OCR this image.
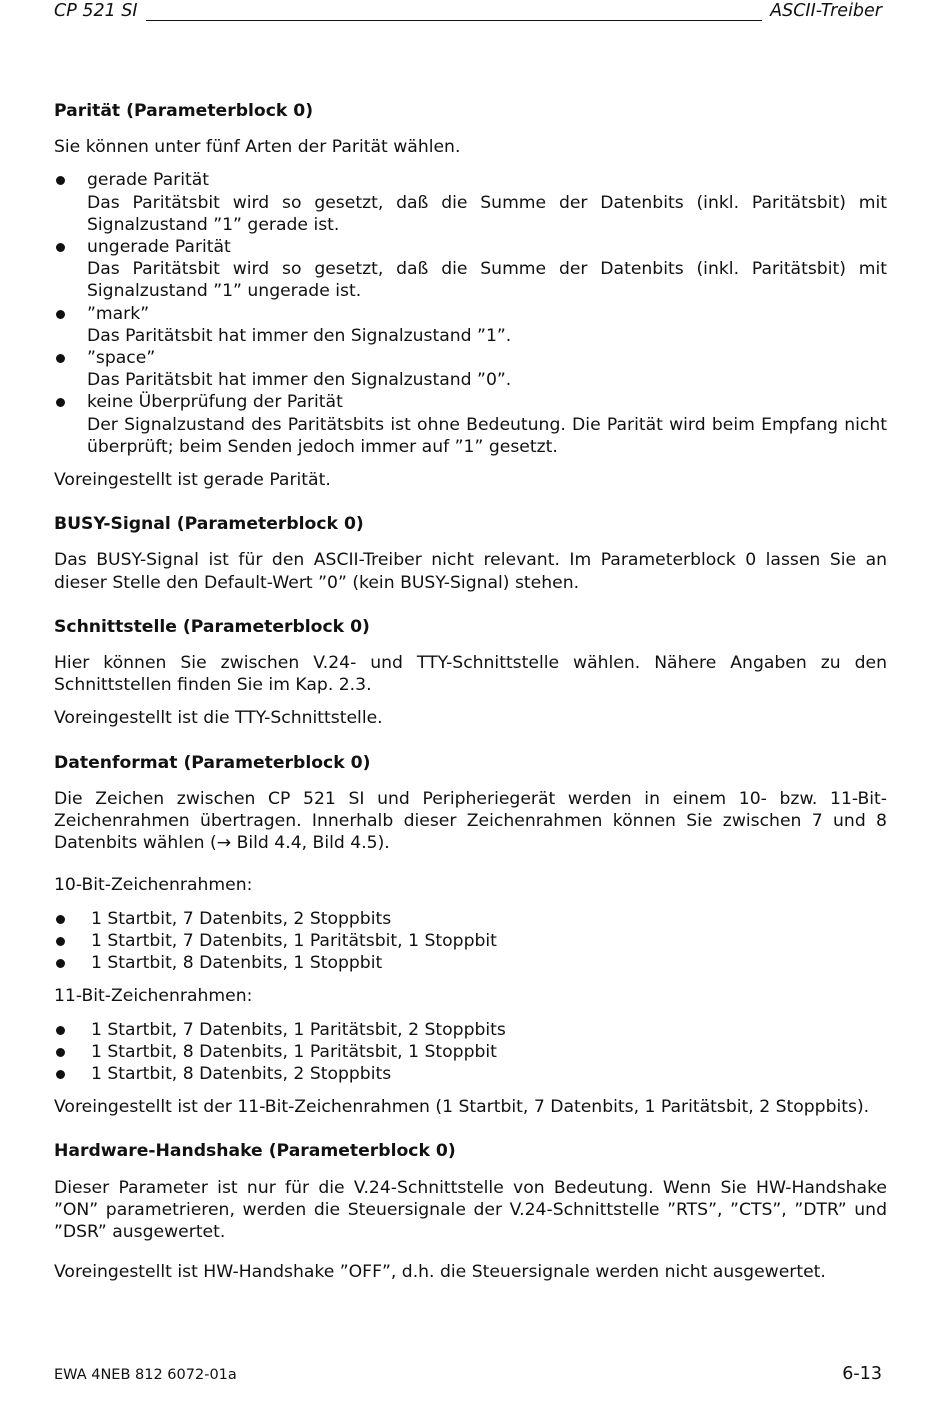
CP 521 SI	ASCII-Treiber
Parität (Parameterblock 0)

Sie können unter fünf Arten der Parität wählen.

gerade Parität
Das Paritätsbit wird so gesetzt, daß die Summe der Datenbits (inkl. Paritätsbit) mit Signalzustand ”1” gerade ist.
ungerade Parität
Das Paritätsbit wird so gesetzt, daß die Summe der Datenbits (inkl. Paritätsbit) mit Signalzustand ”1” ungerade ist.
”mark”
Das Paritätsbit hat immer den Signalzustand ”1”.
”space”
Das Paritätsbit hat immer den Signalzustand ”0”.
keine Überprüfung der Parität
Der Signalzustand des Paritätsbits ist ohne Bedeutung. Die Parität wird beim Empfang nicht überprüft; beim Senden jedoch immer auf ”1” gesetzt.

Voreingestellt ist gerade Parität.

BUSY-Signal (Parameterblock 0)

Das BUSY-Signal ist für den ASCII-Treiber nicht relevant. Im Parameterblock 0 lassen Sie an dieser Stelle den Default-Wert ”0” (kein BUSY-Signal) stehen.

Schnittstelle (Parameterblock 0)

Hier können Sie zwischen V.24- und TTY-Schnittstelle wählen. Nähere Angaben zu den Schnittstellen finden Sie im Kap. 2.3.

Voreingestellt ist die TTY-Schnittstelle.

Datenformat (Parameterblock 0)

Die Zeichen zwischen CP 521 SI und Peripheriegerät werden in einem 10- bzw. 11-Bit-Zeichenrahmen übertragen. Innerhalb dieser Zeichenrahmen können Sie zwischen 7 und 8 Datenbits wählen (→ Bild 4.4, Bild 4.5).

10-Bit-Zeichenrahmen:

1 Startbit, 7 Datenbits, 2 Stoppbits
1 Startbit, 7 Datenbits, 1 Paritätsbit, 1 Stoppbit
1 Startbit, 8 Datenbits, 1 Stoppbit

11-Bit-Zeichenrahmen:

1 Startbit, 7 Datenbits, 1 Paritätsbit, 2 Stoppbits
1 Startbit, 8 Datenbits, 1 Paritätsbit, 1 Stoppbit
1 Startbit, 8 Datenbits, 2 Stoppbits

Voreingestellt ist der 11-Bit-Zeichenrahmen (1 Startbit, 7 Datenbits, 1 Paritätsbit, 2 Stoppbits).

Hardware-Handshake (Parameterblock 0)

Dieser Parameter ist nur für die V.24-Schnittstelle von Bedeutung. Wenn Sie HW-Handshake ”ON” parametrieren, werden die Steuersignale der V.24-Schnittstelle ”RTS”, ”CTS”, ”DTR” und ”DSR” ausgewertet.

Voreingestellt ist HW-Handshake ”OFF”, d.h. die Steuersignale werden nicht ausgewertet.

EWA 4NEB 812 6072-01a	6-13
